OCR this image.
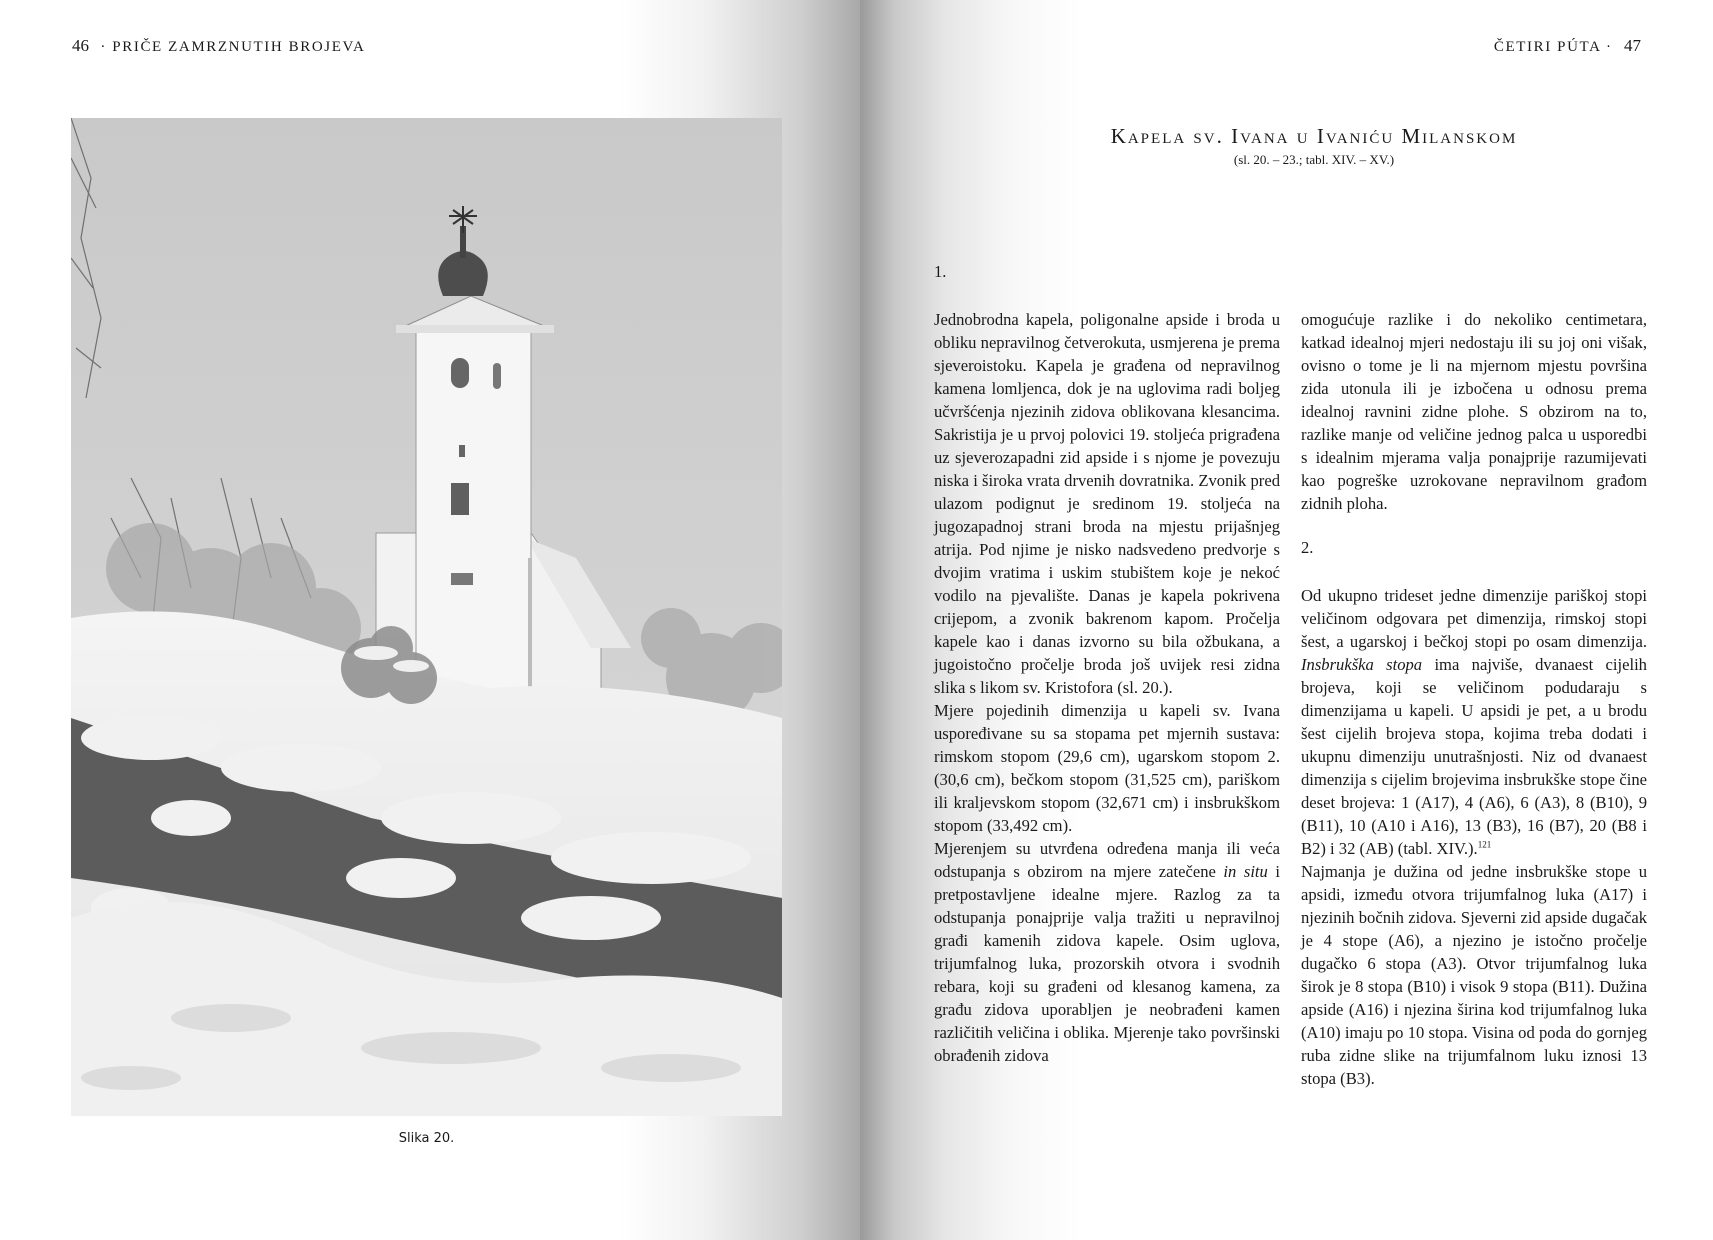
46 · PRIČE ZAMRZNUTIH BROJEVA
Slika 20.
ČETIRI PÚTA · 47
Kapela sv. Ivana u Ivaniću Milanskom
(sl. 20. – 23.; tabl. XIV. – XV.)
1.

Jednobrodna kapela, poligonalne apside i broda u obliku nepravilnog četverokuta, usmjerena je prema sjeveroistoku. Kapela je građena od nepravilnog kamena lomljenca, dok je na uglovima radi boljeg učvršćenja njezinih zidova oblikovana klesancima. Sakristija je u prvoj polovici 19. stoljeća prigrađena uz sjeverozapadni zid apside i s njome je povezuju niska i široka vrata drvenih dovratnika. Zvonik pred ulazom podignut je sredinom 19. stoljeća na jugozapadnoj strani broda na mjestu prijašnjeg atrija. Pod njime je nisko nadsvedeno predvorje s dvojim vratima i uskim stubištem koje je nekoć vodilo na pjevalište. Danas je kapela pokrivena crijepom, a zvonik bakrenom kapom. Pročelja kapele kao i danas izvorno su bila ožbukana, a jugoistočno pročelje broda još uvijek resi zidna slika s likom sv. Kristofora (sl. 20.).

Mjere pojedinih dimenzija u kapeli sv. Ivana uspoređivane su sa stopama pet mjernih sustava: rimskom stopom (29,6 cm), ugarskom stopom 2. (30,6 cm), bečkom stopom (31,525 cm), pariškom ili kraljevskom stopom (32,671 cm) i insbrukškom stopom (33,492 cm).

Mjerenjem su utvrđena određena manja ili veća odstupanja s obzirom na mjere zatečene in situ i pretpostavljene idealne mjere. Razlog za ta odstupanja ponajprije valja tražiti u nepravilnoj građi kamenih zidova kapele. Osim uglova, trijumfalnog luka, prozorskih otvora i svodnih rebara, koji su građeni od klesanog kamena, za građu zidova uporabljen je neobrađeni kamen različitih veličina i oblika. Mjerenje tako površinski obrađenih zidova

omogućuje razlike i do nekoliko centimetara, katkad idealnoj mjeri nedostaju ili su joj oni višak, ovisno o tome je li na mjernom mjestu površina zida utonula ili je izbočena u odnosu prema idealnoj ravnini zidne plohe. S obzirom na to, razlike manje od veličine jednog palca u usporedbi s idealnim mjerama valja ponajprije razumijevati kao pogreške uzrokovane nepravilnom građom zidnih ploha.

2.

Od ukupno trideset jedne dimenzije pariškoj stopi veličinom odgovara pet dimenzija, rimskoj stopi šest, a ugarskoj i bečkoj stopi po osam dimenzija. Insbrukška stopa ima najviše, dvanaest cijelih brojeva, koji se veličinom podudaraju s dimenzijama u kapeli. U apsidi je pet, a u brodu šest cijelih brojeva stopa, kojima treba dodati i ukupnu dimenziju unutrašnjosti. Niz od dvanaest dimenzija s cijelim brojevima insbrukške stope čine deset brojeva: 1 (A17), 4 (A6), 6 (A3), 8 (B10), 9 (B11), 10 (A10 i A16), 13 (B3), 16 (B7), 20 (B8 i B2) i 32 (AB) (tabl. XIV.).$^{121}$

Najmanja je dužina od jedne insbrukške stope u apsidi, između otvora trijumfalnog luka (A17) i njezinih bočnih zidova. Sjeverni zid apside dugačak je 4 stope (A6), a njezino je istočno pročelje dugačko 6 stopa (A3). Otvor trijumfalnog luka širok je 8 stopa (B10) i visok 9 stopa (B11). Dužina apside (A16) i njezina širina kod trijumfalnog luka (A10) imaju po 10 stopa. Visina od poda do gornjeg ruba zidne slike na trijumfalnom luku iznosi 13 stopa (B3).
